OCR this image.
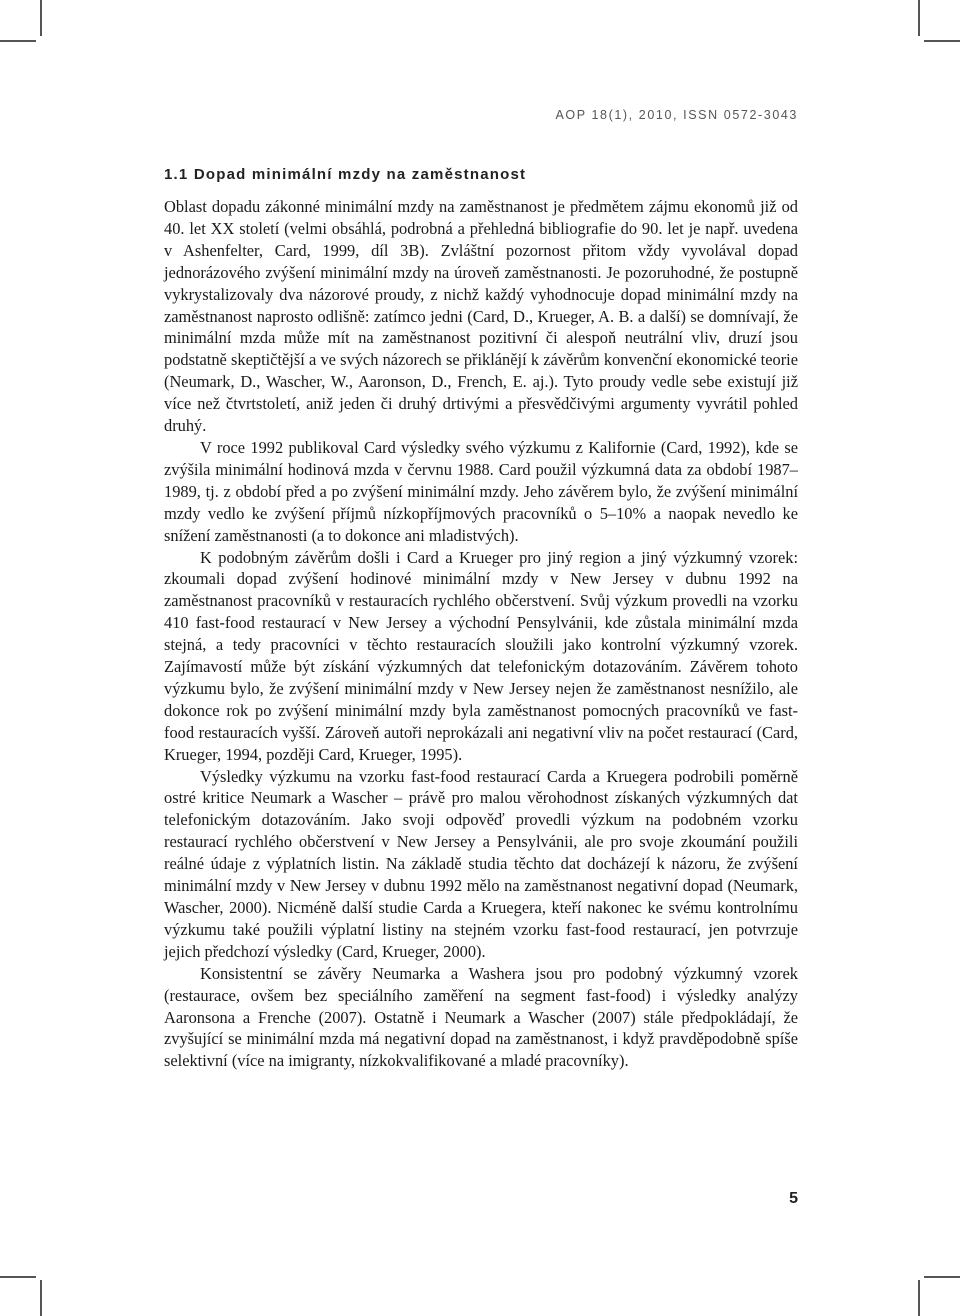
AOP 18(1), 2010, ISSN 0572-3043
1.1 Dopad minimální mzdy na zaměstnanost

Oblast dopadu zákonné minimální mzdy na zaměstnanost je předmětem zájmu ekonomů již od 40. let XX století (velmi obsáhlá, podrobná a přehledná bibliografie do 90. let je např. uvedena v Ashenfelter, Card, 1999, díl 3B). Zvláštní pozornost přitom vždy vyvolával dopad jednorázového zvýšení minimální mzdy na úroveň zaměstnanosti. Je pozoruhodné, že postupně vykrystalizovaly dva názorové proudy, z nichž každý vyhodnocuje dopad minimální mzdy na zaměstnanost naprosto odlišně: zatímco jedni (Card, D., Krueger, A. B. a další) se domnívají, že minimální mzda může mít na zaměstnanost pozitivní či alespoň neutrální vliv, druzí jsou podstatně skeptičtější a ve svých názorech se přiklánějí k závěrům konvenční ekonomické teorie (Neumark, D., Wascher, W., Aaronson, D., French, E. aj.). Tyto proudy vedle sebe existují již více než čtvrtstoletí, aniž jeden či druhý drtivými a přesvědčivými argumenty vyvrátil pohled druhý.

V roce 1992 publikoval Card výsledky svého výzkumu z Kalifornie (Card, 1992), kde se zvýšila minimální hodinová mzda v červnu 1988. Card použil výzkumná data za období 1987–1989, tj. z období před a po zvýšení minimální mzdy. Jeho závěrem bylo, že zvýšení minimální mzdy vedlo ke zvýšení příjmů nízkopříjmových pracovníků o 5–10% a naopak nevedlo ke snížení zaměstnanosti (a to dokonce ani mladistvých).

K podobným závěrům došli i Card a Krueger pro jiný region a jiný výzkumný vzorek: zkoumali dopad zvýšení hodinové minimální mzdy v New Jersey v dubnu 1992 na zaměstnanost pracovníků v restauracích rychlého občerstvení. Svůj výzkum provedli na vzorku 410 fast-food restaurací v New Jersey a východní Pensylvánii, kde zůstala minimální mzda stejná, a tedy pracovníci v těchto restauracích sloužili jako kontrolní výzkumný vzorek. Zajímavostí může být získání výzkumných dat telefonickým dotazováním. Závěrem tohoto výzkumu bylo, že zvýšení minimální mzdy v New Jersey nejen že zaměstnanost nesnížilo, ale dokonce rok po zvýšení minimální mzdy byla zaměstnanost pomocných pracovníků ve fast-food restauracích vyšší. Zároveň autoři neprokázali ani negativní vliv na počet restaurací (Card, Krueger, 1994, později Card, Krueger, 1995).

Výsledky výzkumu na vzorku fast-food restaurací Carda a Kruegera podrobili poměrně ostré kritice Neumark a Wascher – právě pro malou věrohodnost získaných výzkumných dat telefonickým dotazováním. Jako svoji odpověď provedli výzkum na podobném vzorku restaurací rychlého občerstvení v New Jersey a Pensylvánii, ale pro svoje zkoumání použili reálné údaje z výplatních listin. Na základě studia těchto dat docházejí k názoru, že zvýšení minimální mzdy v New Jersey v dubnu 1992 mělo na zaměstnanost negativní dopad (Neumark, Wascher, 2000). Nicméně další studie Carda a Kruegera, kteří nakonec ke svému kontrolnímu výzkumu také použili výplatní listiny na stejném vzorku fast-food restaurací, jen potvrzuje jejich předchozí výsledky (Card, Krueger, 2000).

Konsistentní se závěry Neumarka a Washera jsou pro podobný výzkumný vzorek (restaurace, ovšem bez speciálního zaměření na segment fast-food) i výsledky analýzy Aaronsona a Frenche (2007). Ostatně i Neumark a Wascher (2007) stále předpokládají, že zvyšující se minimální mzda má negativní dopad na zaměstnanost, i když pravděpodobně spíše selektivní (více na imigranty, nízkokvalifikované a mladé pracovníky).

5
